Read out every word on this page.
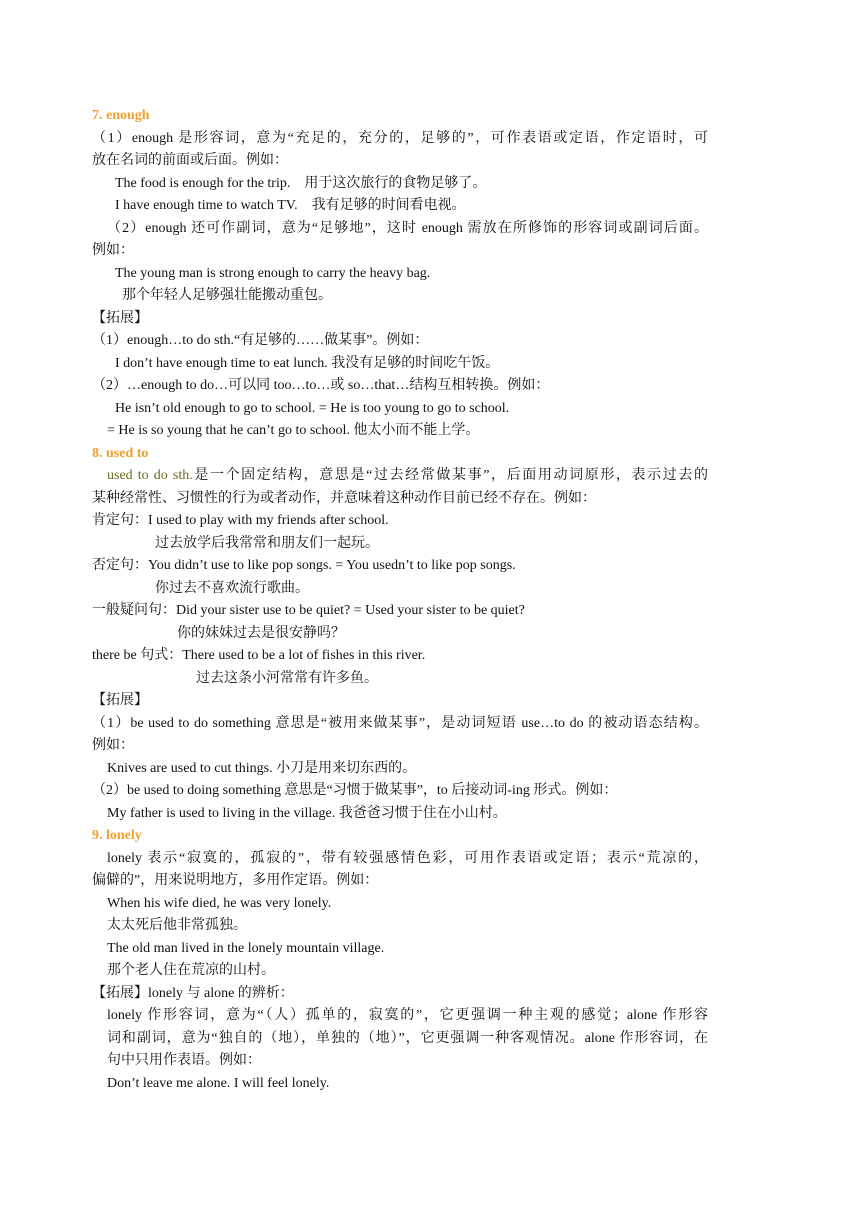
7. enough
（1）enough 是形容词，意为“充足的，充分的，足够的”，可作表语或定语，作定语时，可
放在名词的前面或后面。例如：
The food is enough for the trip.    用于这次旅行的食物足够了。
I have enough time to watch TV.    我有足够的时间看电视。
（2）enough 还可作副词，意为“足够地”，这时 enough 需放在所修饰的形容词或副词后面。
例如：
The young man is strong enough to carry the heavy bag.
那个年轻人足够强壮能搬动重包。
【拓展】
（1）enough…to do sth.“有足够的……做某事”。例如：
I don’t have enough time to eat lunch. 我没有足够的时间吃午饭。
（2）…enough to do…可以同 too…to…或 so…that…结构互相转换。例如：
He isn’t old enough to go to school. = He is too young to go to school.
= He is so young that he can’t go to school. 他太小而不能上学。
8. used to
used to do sth.是一个固定结构，意思是“过去经常做某事”，后面用动词原形，表示过去的
某种经常性、习惯性的行为或者动作，并意味着这种动作目前已经不存在。例如：
肯定句：I used to play with my friends after school.
过去放学后我常常和朋友们一起玩。
否定句：You didn’t use to like pop songs. = You usedn’t to like pop songs.
你过去不喜欢流行歌曲。
一般疑问句：Did your sister use to be quiet? = Used your sister to be quiet?
你的妹妹过去是很安静吗？
there be 句式：There used to be a lot of fishes in this river.
过去这条小河常常有许多鱼。
【拓展】
（1）be used to do something 意思是“被用来做某事”，是动词短语 use…to do 的被动语态结构。
例如：
Knives are used to cut things. 小刀是用来切东西的。
（2）be used to doing something 意思是“习惯于做某事”，to 后接动词-ing 形式。例如：
My father is used to living in the village. 我爸爸习惯于住在小山村。
9. lonely
lonely 表示“寂寞的，孤寂的”，带有较强感情色彩，可用作表语或定语；表示“荒凉的，
偏僻的”，用来说明地方，多用作定语。例如：
When his wife died, he was very lonely.
太太死后他非常孤独。
The old man lived in the lonely mountain village.
那个老人住在荒凉的山村。
【拓展】lonely 与 alone 的辨析：
lonely 作形容词，意为“（人）孤单的，寂寞的”，它更强调一种主观的感觉；alone 作形容
词和副词，意为“独自的（地），单独的（地）”，它更强调一种客观情况。alone 作形容词，在
句中只用作表语。例如：
Don’t leave me alone. I will feel lonely.
